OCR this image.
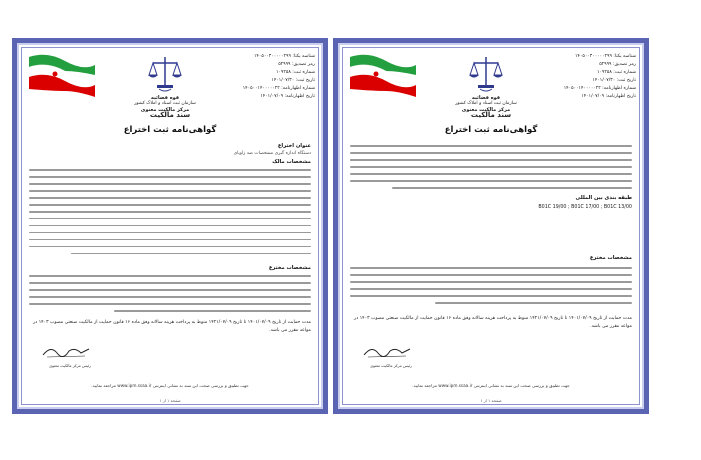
قوه قضائیه
سازمان ثبت اسناد و املاک کشور

مرکز مالکیت معنوی
شناسه یکتا: ۱۴۰۵۰۰۳۰۰۰۰۰۲۹۹
رمز تصدیق: ۵۲۹۹۹
شماره ثبت: ۱۰۹۲۵۸
تاریخ ثبت: ۱۴۰۱/۰۷/۳۰
شماره اظهارنامه: ۱۴۰۵۰۰۱۴۰۰۰۰۰۲۲
تاریخ اظهارنامه: ۱۴۰۱/۰۷/۰۹
سند مالکیت
گواهی‌نامه ثبت اختراع
عنوان اختراع
دستگاه اندازه گیری مشخصات ضد زاویای
مشخصات مالک
مشخصات مخترع
مدت حمایت از تاریخ ۱۴۰۱/۰۷/۰۹ تا تاریخ ۱۴۲۱/۰۷/۰۹ منوط به پرداخت هزینه سالانه وفق ماده ۱۶ قانون حمایت از مالکیت صنعتی مصوب ۱۴۰۳ در مواعد مقرر می باشد.
رئیس مرکز مالکیت معنوی
جهت تطبیق و بررسی صحت این سند به نشانی اینترنتی www.ipm.ssaa.ir مراجعه نمایید.
صفحه ۱ از ۱
قوه قضائیه
سازمان ثبت اسناد و املاک کشور

مرکز مالکیت معنوی
شناسه یکتا: ۱۴۰۵۰۰۳۰۰۰۰۰۲۹۹
رمز تصدیق: ۵۲۹۹۹
شماره ثبت: ۱۰۹۲۵۸
تاریخ ثبت: ۱۴۰۱/۰۷/۳۰
شماره اظهارنامه: ۱۴۰۵۰۰۱۴۰۰۰۰۰۲۲
تاریخ اظهارنامه: ۱۴۰۱/۰۷/۰۹
سند مالکیت
گواهی‌نامه ثبت اختراع
طبقه بندی بین المللی
B01C 19/00 ; B01C 17/00 ; B01C 13/00
مشخصات مخترع
مدت حمایت از تاریخ ۱۴۰۱/۰۷/۰۹ تا تاریخ ۱۴۲۱/۰۷/۰۹ منوط به پرداخت هزینه سالانه وفق ماده ۱۶ قانون حمایت از مالکیت صنعتی مصوب ۱۴۰۳ در مواعد مقرر می باشد.
رئیس مرکز مالکیت معنوی
جهت تطبیق و بررسی صحت این سند به نشانی اینترنتی www.ipm.ssaa.ir مراجعه نمایید.
صفحه ۱ از ۱
